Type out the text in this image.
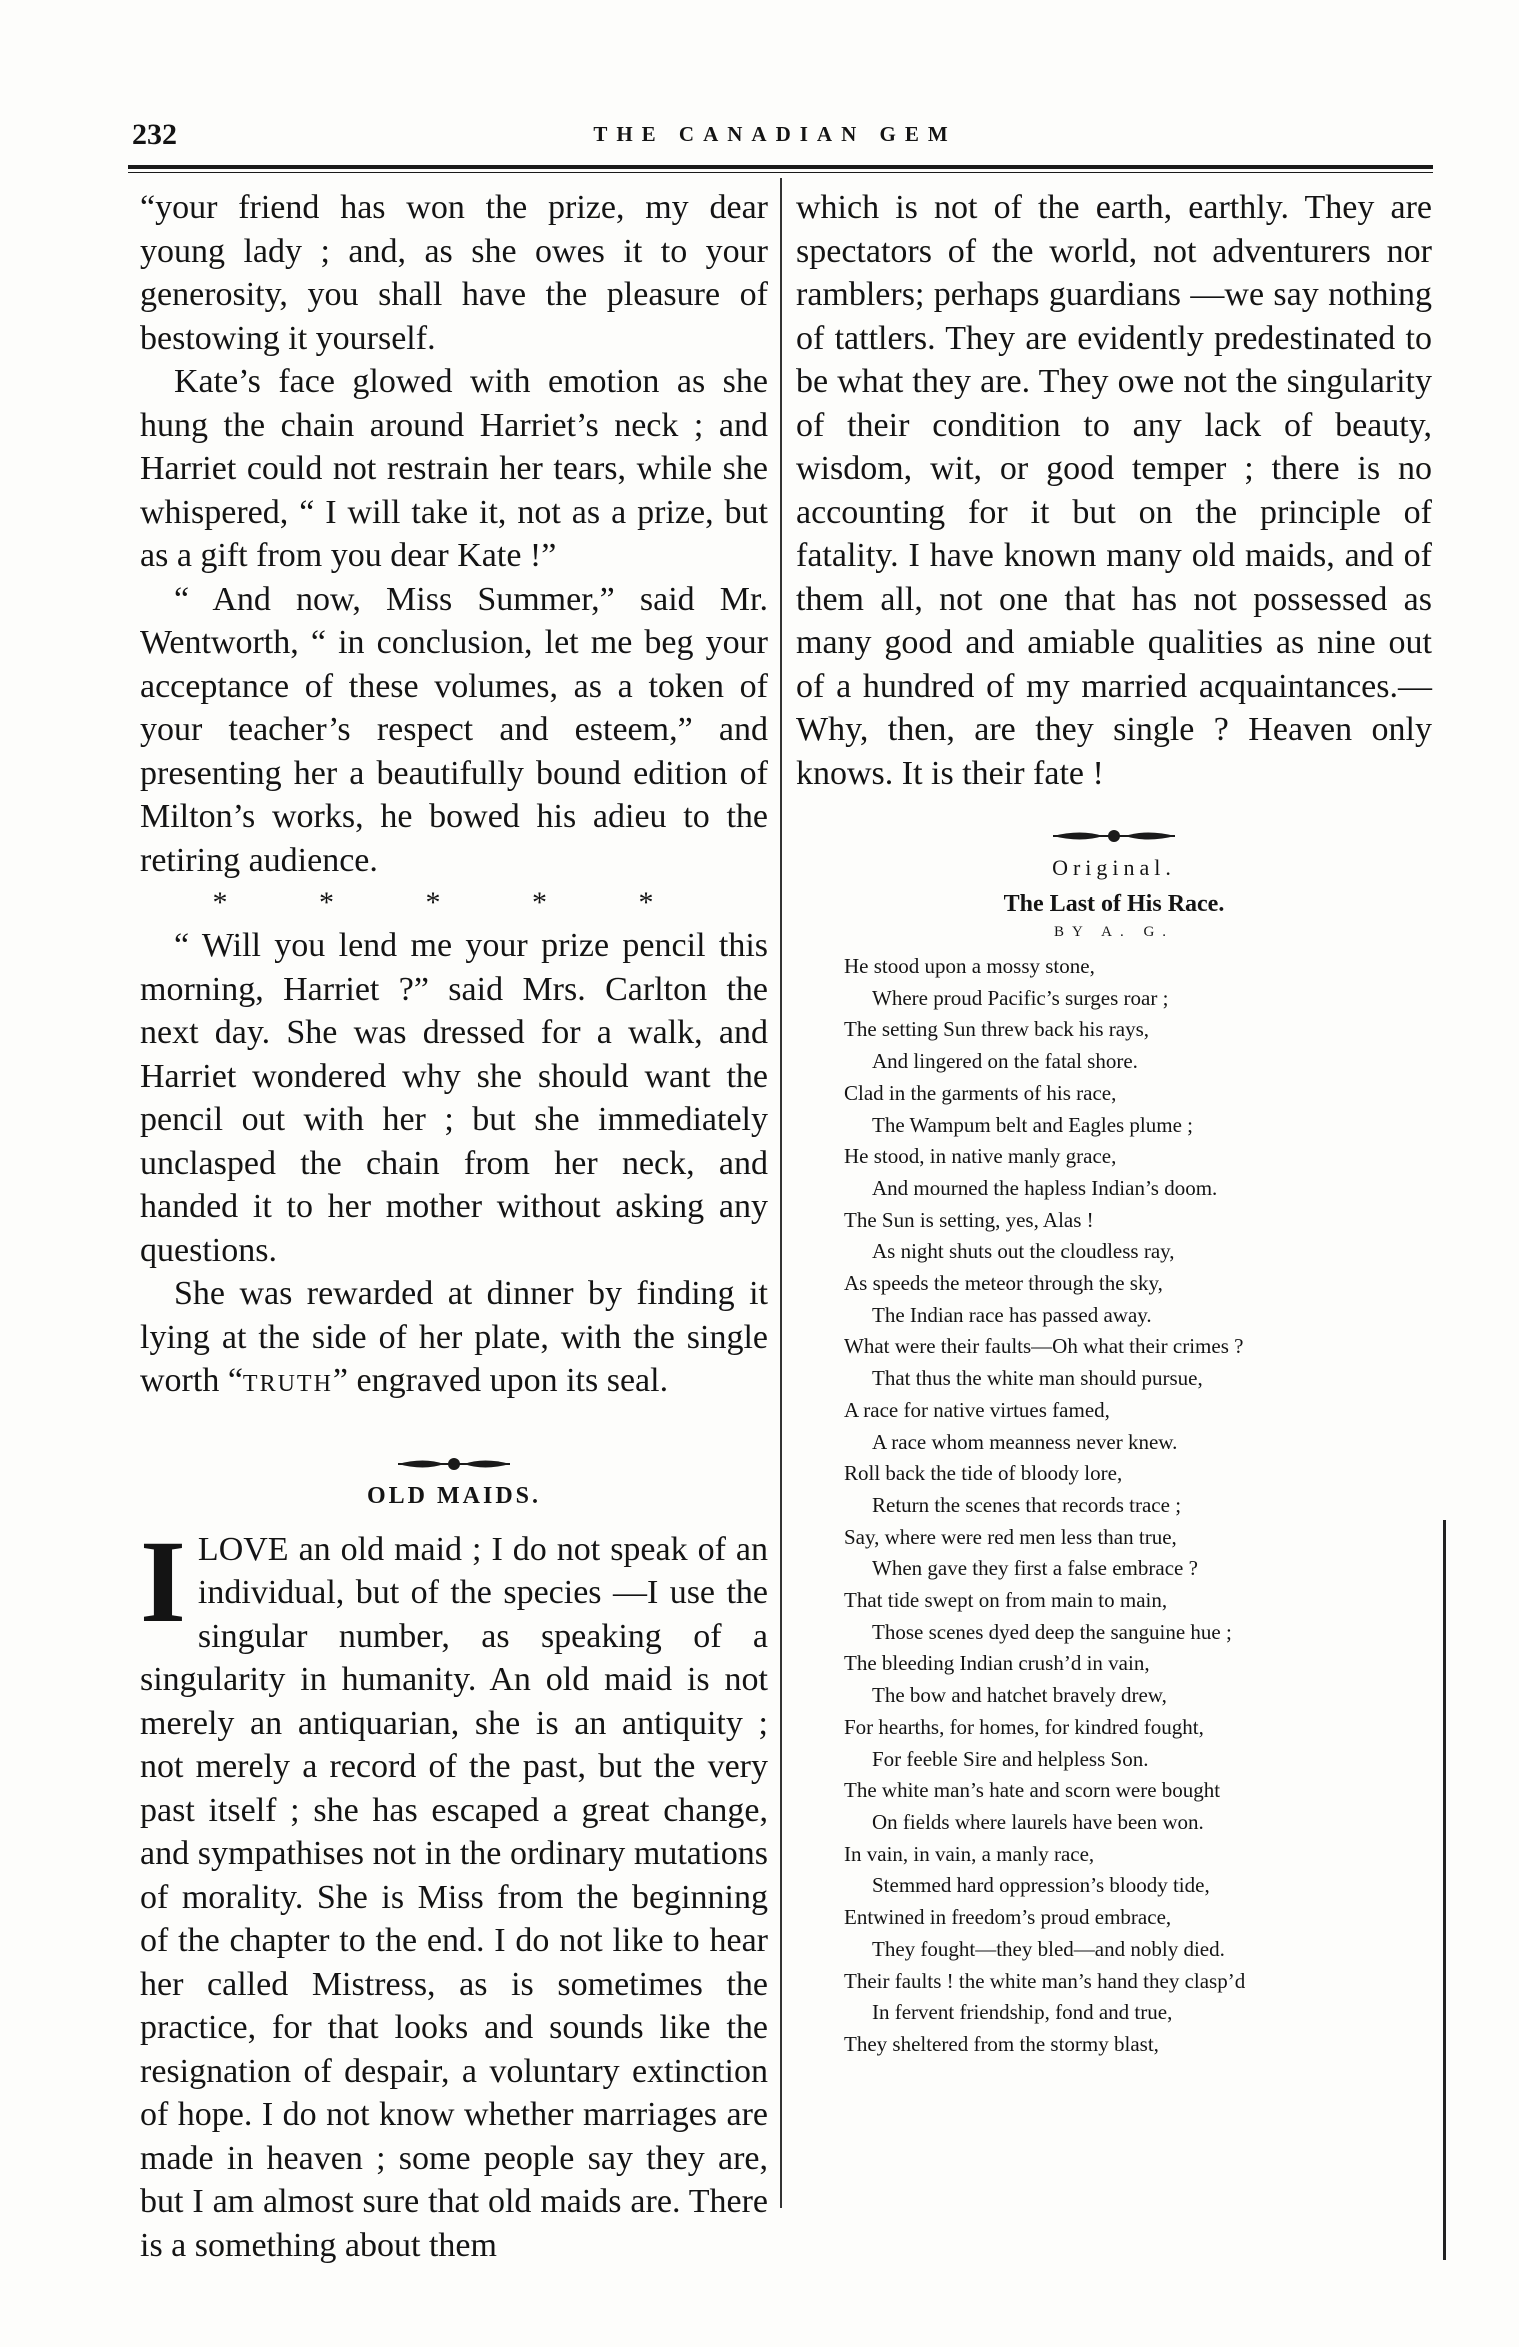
232	THE CANADIAN GEM

“your friend has won the prize, my dear young lady ; and, as she owes it to your generosity, you shall have the pleasure of bestowing it yourself.

Kate’s face glowed with emotion as she hung the chain around Harriet’s neck ; and Harriet could not restrain her tears, while she whispered, “ I will take it, not as a prize, but as a gift from you dear Kate !”

“ And now, Miss Summer,” said Mr. Wentworth, “ in conclusion, let me beg your acceptance of these volumes, as a token of your teacher’s respect and esteem,” and presenting her a beautifully bound edition of Milton’s works, he bowed his adieu to the retiring audience.

* * * * *

“ Will you lend me your prize pencil this morning, Harriet ?” said Mrs. Carlton the next day. She was dressed for a walk, and Harriet wondered why she should want the pencil out with her ; but she immediately unclasped the chain from her neck, and handed it to her mother without asking any questions.

She was rewarded at dinner by finding it lying at the side of her plate, with the single worth “TRUTH” engraved upon its seal.

OLD MAIDS.

ILOVE an old maid ; I do not speak of an individual, but of the species —I use the singular number, as speaking of a singularity in humanity. An old maid is not merely an antiquarian, she is an antiquity ; not merely a record of the past, but the very past itself ; she has escaped a great change, and sympathises not in the ordinary mutations of morality. She is Miss from the beginning of the chapter to the end. I do not like to hear her called Mistress, as is sometimes the practice, for that looks and sounds like the resignation of despair, a voluntary extinction of hope. I do not know whether marriages are made in heaven ; some people say they are, but I am almost sure that old maids are. There is a something about them

which is not of the earth, earthly. They are spectators of the world, not adventurers nor ramblers; perhaps guardians —we say nothing of tattlers. They are evidently predestinated to be what they are. They owe not the singularity of their condition to any lack of beauty, wisdom, wit, or good temper ; there is no accounting for it but on the principle of fatality. I have known many old maids, and of them all, not one that has not possessed as many good and amiable qualities as nine out of a hundred of my married acquaintances.— Why, then, are they single ? Heaven only knows. It is their fate !

Original.
The Last of His Race.
BY A. G.
He stood upon a mossy stone,
Where proud Pacific’s surges roar ;
The setting Sun threw back his rays,
And lingered on the fatal shore.
Clad in the garments of his race,
The Wampum belt and Eagles plume ;
He stood, in native manly grace,
And mourned the hapless Indian’s doom.
The Sun is setting, yes, Alas !
As night shuts out the cloudless ray,
As speeds the meteor through the sky,
The Indian race has passed away.
What were their faults—Oh what their crimes ?
That thus the white man should pursue,
A race for native virtues famed,
A race whom meanness never knew.
Roll back the tide of bloody lore,
Return the scenes that records trace ;
Say, where were red men less than true,
When gave they first a false embrace ?
That tide swept on from main to main,
Those scenes dyed deep the sanguine hue ;
The bleeding Indian crush’d in vain,
The bow and hatchet bravely drew,
For hearths, for homes, for kindred fought,
For feeble Sire and helpless Son.
The white man’s hate and scorn were bought
On fields where laurels have been won.
In vain, in vain, a manly race,
Stemmed hard oppression’s bloody tide,
Entwined in freedom’s proud embrace,
They fought—they bled—and nobly died.
Their faults ! the white man’s hand they clasp’d
In fervent friendship, fond and true,
They sheltered from the stormy blast,
